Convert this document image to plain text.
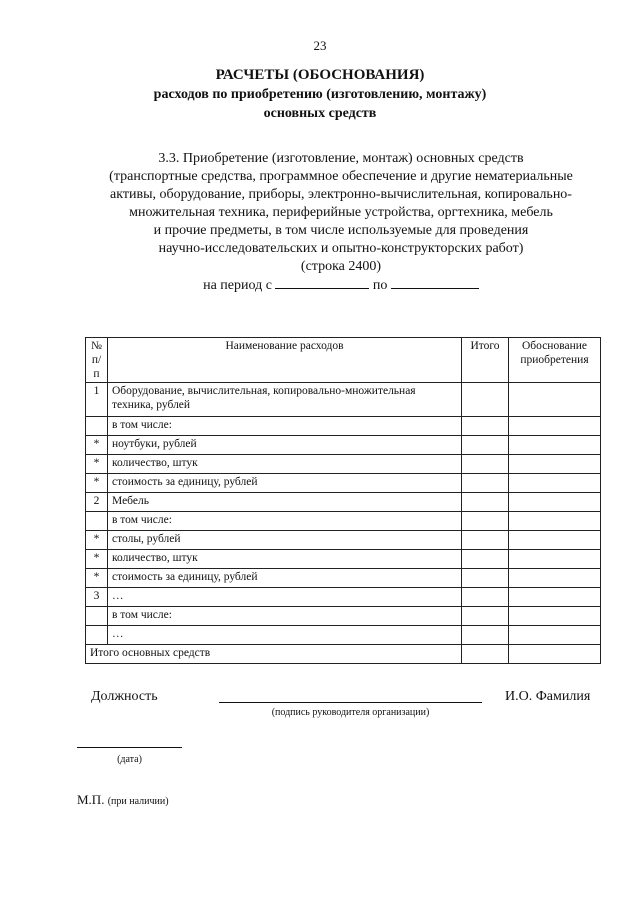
23
РАСЧЕТЫ (ОБОСНОВАНИЯ)
расходов по приобретению (изготовлению, монтажу)
основных средств
3.3. Приобретение (изготовление, монтаж) основных средств
(транспортные средства, программное обеспечение и другие нематериальные
активы, оборудование, приборы, электронно-вычислительная, копировально-
множительная техника, периферийные устройства, оргтехника, мебель
и прочие предметы, в том числе используемые для проведения
научно-исследовательских и опытно-конструкторских работ)
(строка 2400)
на период с	по
№ п/п	Наименование расходов	Итого	Обоснование приобретения
1	Оборудование, вычислительная, копировально-множительная техника, рублей		
	в том числе:		
*	ноутбуки, рублей		
*	количество, штук		
*	стоимость за единицу, рублей		
2	Мебель		
	в том числе:		
*	столы, рублей		
*	количество, штук		
*	стоимость за единицу, рублей		
3	…		
	в том числе:		
	…		
Итого основных средств			
Должность
(подпись руководителя организации)
И.О. Фамилия
(дата)
М.П. (при наличии)
